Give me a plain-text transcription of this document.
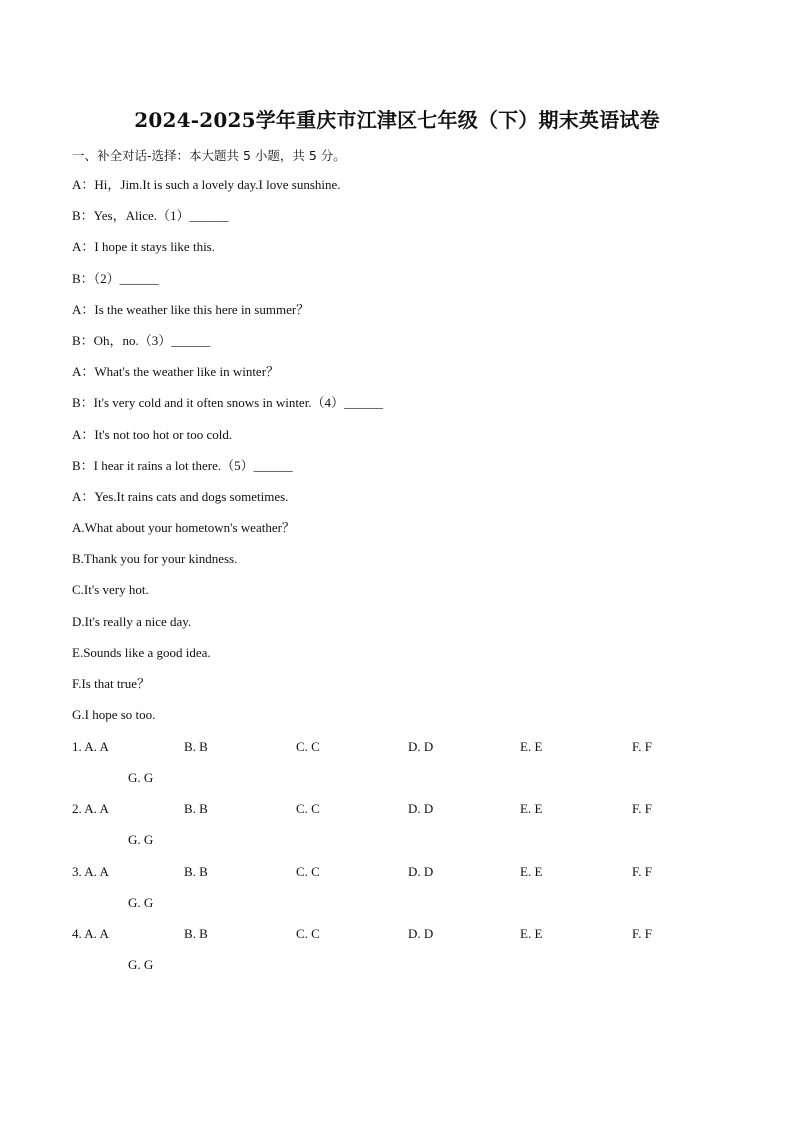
2024-2025学年重庆市江津区七年级（下）期末英语试卷
一、补全对话-选择：本大题共 5 小题，共 5 分。
A：Hi，Jim.It is such a lovely day.I love sunshine.
B：Yes，Alice.（1）______
A：I hope it stays like this.
B：（2）______
A：Is the weather like this here in summer？
B：Oh，no.（3）______
A：What's the weather like in winter？
B：It's very cold and it often snows in winter.（4）______
A：It's not too hot or too cold.
B：I hear it rains a lot there.（5）______
A：Yes.It rains cats and dogs sometimes.
A.What about your hometown's weather？
B.Thank you for your kindness.
C.It's very hot.
D.It's really a nice day.
E.Sounds like a good idea.
F.Is that true？
G.I hope so too.
1. A. A	B. B	C. C	D. D	E. E	F. F
G. G
2. A. A	B. B	C. C	D. D	E. E	F. F
G. G
3. A. A	B. B	C. C	D. D	E. E	F. F
G. G
4. A. A	B. B	C. C	D. D	E. E	F. F
G. G
